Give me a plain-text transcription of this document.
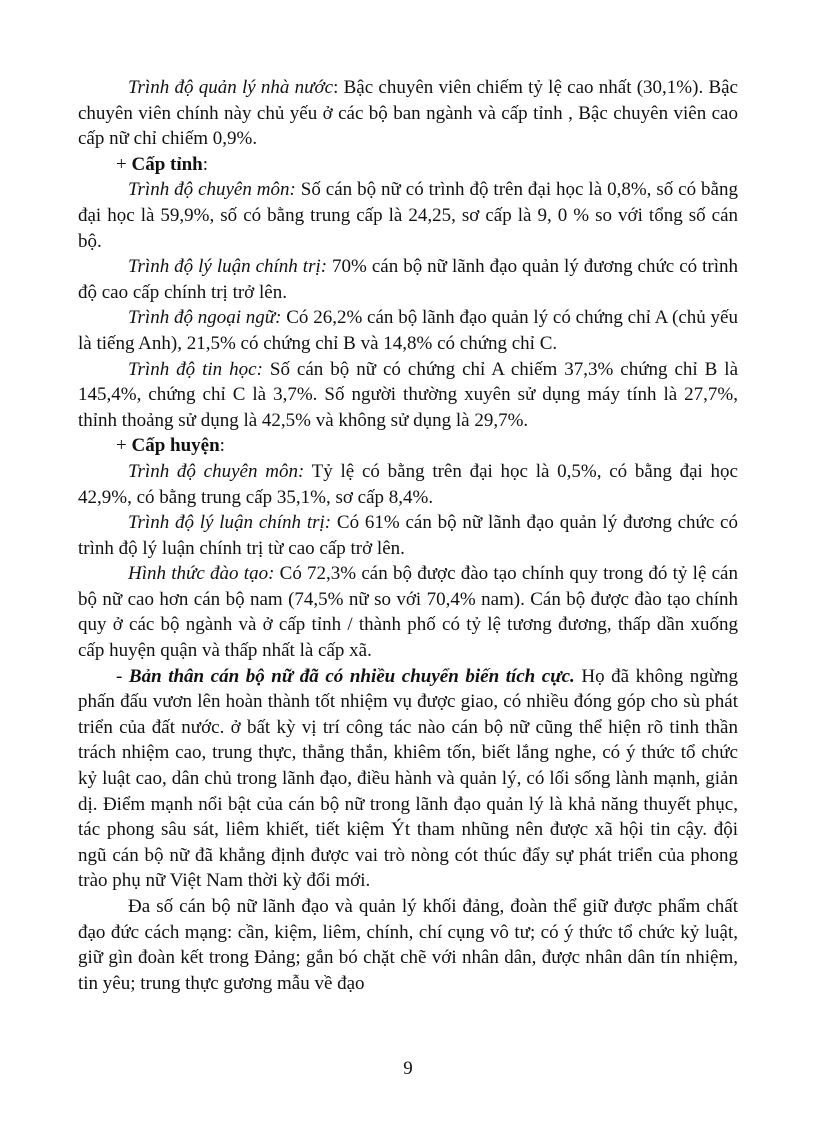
Trình độ quản lý nhà nước: Bậc chuyên viên chiếm tỷ lệ cao nhất (30,1%). Bậc chuyên viên chính này chủ yếu ở các bộ ban ngành và cấp tỉnh , Bậc chuyên viên cao cấp nữ chỉ chiếm 0,9%.

+ Cấp tỉnh:

Trình độ chuyên môn: Số cán bộ nữ có trình độ trên đại học là 0,8%, số có bằng đại học là 59,9%, số có bằng trung cấp là 24,25, sơ cấp là 9, 0 % so với tổng số cán bộ.

Trình độ lý luận chính trị: 70% cán bộ nữ lãnh đạo quản lý đương chức có trình độ cao cấp chính trị trở lên.

Trình độ ngoại ngữ: Có 26,2% cán bộ lãnh đạo quản lý có chứng chỉ A (chủ yếu là tiếng Anh), 21,5% có chứng chỉ B và 14,8% có chứng chỉ C.

Trình độ tin học: Số cán bộ nữ có chứng chỉ A chiếm 37,3% chứng chỉ B là 145,4%, chứng chỉ C là 3,7%. Số người thường xuyên sử dụng máy tính là 27,7%, thỉnh thoảng sử dụng là 42,5% và không sử dụng là 29,7%.

+ Cấp huyện:

Trình độ chuyên môn: Tỷ lệ có bằng trên đại học là 0,5%, có bằng đại học 42,9%, có bằng trung cấp 35,1%, sơ cấp 8,4%.

Trình độ lý luận chính trị: Có 61% cán bộ nữ lãnh đạo quản lý đương chức có trình độ lý luận chính trị từ cao cấp trở lên.

Hình thức đào tạo: Có 72,3% cán bộ được đào tạo chính quy trong đó tỷ lệ cán bộ nữ cao hơn cán bộ nam (74,5% nữ so với 70,4% nam). Cán bộ được đào tạo chính quy ở các bộ ngành và ở cấp tỉnh / thành phố có tỷ lệ tương đương, thấp dần xuống cấp huyện quận và thấp nhất là cấp xã.

- Bản thân cán bộ nữ đã có nhiều chuyển biến tích cực. Họ đã không ngừng phấn đấu vươn lên hoàn thành tốt nhiệm vụ được giao, có nhiều đóng góp cho sù phát triển của đất nước. ở bất kỳ vị trí công tác nào cán bộ nữ cũng thể hiện rõ tinh thần trách nhiệm cao, trung thực, thẳng thắn, khiêm tốn, biết lắng nghe, có ý thức tổ chức kỷ luật cao, dân chủ trong lãnh đạo, điều hành và quản lý, có lối sống lành mạnh, giản dị. Điểm mạnh nổi bật của cán bộ nữ trong lãnh đạo quản lý là khả năng thuyết phục, tác phong sâu sát, liêm khiết, tiết kiệm Ýt tham nhũng nên được xã hội tin cậy. đội ngũ cán bộ nữ đã khẳng định được vai trò nòng cót thúc đẩy sự phát triển của phong trào phụ nữ Việt Nam thời kỳ đổi mới.

Đa số cán bộ nữ lãnh đạo và quản lý khối đảng, đoàn thể giữ được phẩm chất đạo đức cách mạng: cần, kiệm, liêm, chính, chí cụng vô tư; có ý thức tổ chức kỷ luật, giữ gìn đoàn kết trong Đảng; gắn bó chặt chẽ với nhân dân, được nhân dân tín nhiệm, tin yêu; trung thực gương mẫu về đạo

9
